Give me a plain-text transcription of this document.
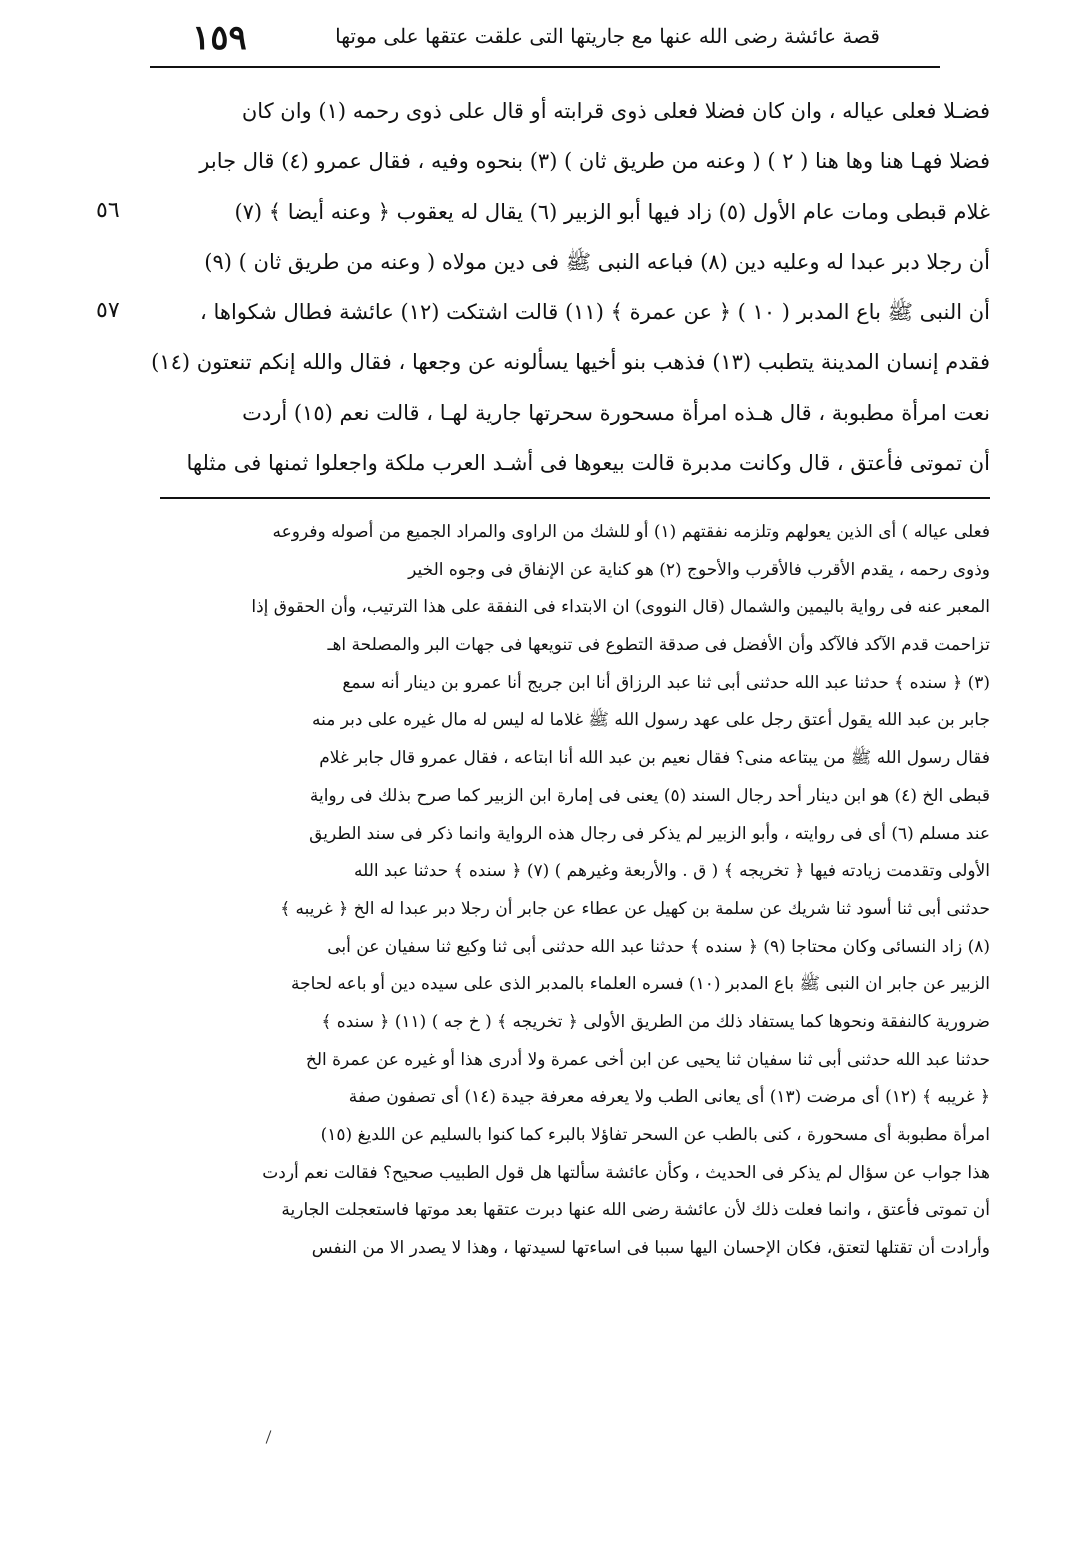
١٥٩	قصة عائشة رضى الله عنها مع جاريتها التى علقت عتقها على موتها
فضـلا فعلى عياله ، وان كان فضلا فعلى ذوى قرابته أو قال على ذوى رحمه (١) وان كان
فضلا فهـا هنا وها هنا ( ٢ ) ( وعنه من طريق ثان ) (٣) بنحوه وفيه ، فقال عمرو (٤) قال جابر
غلام قبطى ومات عام الأول (٥) زاد فيها أبو الزبير (٦) يقال له يعقوب ﴿ وعنه أيضا ﴾ (٧)
أن رجلا دبر عبدا له وعليه دين (٨) فباعه النبى ﷺ فى دين مولاه ( وعنه من طريق ثان ) (٩)
أن النبى ﷺ باع المدبر ( ١٠ ) ﴿ عن عمرة ﴾ (١١) قالت اشتكت (١٢) عائشة فطال شكواها ،
فقدم إنسان المدينة يتطبب (١٣) فذهب بنو أخيها يسألونه عن وجعها ، فقال والله إنكم تنعتون (١٤)
نعت امرأة مطبوبة ، قال هـذه امرأة مسحورة سحرتها جارية لهـا ، قالت نعم (١٥) أردت
أن تموتى فأعتق ، قال وكانت مدبرة قالت بيعوها فى أشـد العرب ملكة واجعلوا ثمنها فى مثلها
٥٦
٥٧
فعلى عياله ) أى الذين يعولهم وتلزمه نفقتهم (١) أو للشك من الراوى والمراد الجميع من أصوله وفروعه
وذوى رحمه ، يقدم الأقرب فالأقرب والأحوج (٢) هو كناية عن الإنفاق فى وجوه الخير
المعبر عنه فى رواية باليمين والشمال (قال النووى) ان الابتداء فى النفقة على هذا الترتيب، وأن الحقوق إذا
تزاحمت قدم الآكد فالآكد وأن الأفضل فى صدقة التطوع فى تنويعها فى جهات البر والمصلحة اهـ
(٣) ﴿ سنده ﴾ حدثنا عبد الله حدثنى أبى ثنا عبد الرزاق أنا ابن جريج أنا عمرو بن دينار أنه سمع
جابر بن عبد الله يقول أعتق رجل على عهد رسول الله ﷺ غلاما له ليس له مال غيره على دبر منه
فقال رسول الله ﷺ من يبتاعه منى؟ فقال نعيم بن عبد الله أنا ابتاعه ، فقال عمرو قال جابر غلام
قبطى الخ (٤) هو ابن دينار أحد رجال السند (٥) يعنى فى إمارة ابن الزبير كما صرح بذلك فى رواية
عند مسلم (٦) أى فى روايته ، وأبو الزبير لم يذكر فى رجال هذه الرواية وانما ذكر فى سند الطريق
الأولى وتقدمت زيادته فيها ﴿ تخريجه ﴾ ( ق . والأربعة وغيرهم ) (٧) ﴿ سنده ﴾ حدثنا عبد الله
حدثنى أبى ثنا أسود ثنا شريك عن سلمة بن كهيل عن عطاء عن جابر أن رجلا دبر عبدا له الخ ﴿ غريبه ﴾
(٨) زاد النسائى وكان محتاجا (٩) ﴿ سنده ﴾ حدثنا عبد الله حدثنى أبى ثنا وكيع ثنا سفيان عن أبى
الزبير عن جابر ان النبى ﷺ باع المدبر (١٠) فسره العلماء بالمدبر الذى على سيده دين أو باعه لحاجة
ضرورية كالنفقة ونحوها كما يستفاد ذلك من الطريق الأولى ﴿ تخريجه ﴾ ( خ جه ) (١١) ﴿ سنده ﴾
حدثنا عبد الله حدثنى أبى ثنا سفيان ثنا يحيى عن ابن أخى عمرة ولا أدرى هذا أو غيره عن عمرة الخ
﴿ غريبه ﴾ (١٢) أى مرضت (١٣) أى يعانى الطب ولا يعرفه معرفة جيدة (١٤) أى تصفون صفة
امرأة مطبوبة أى مسحورة ، كنى بالطب عن السحر تفاؤلا بالبرء كما كنوا بالسليم عن اللديغ (١٥)
هذا جواب عن سؤال لم يذكر فى الحديث ، وكأن عائشة سألتها هل قول الطبيب صحيح؟ فقالت نعم أردت
أن تموتى فأعتق ، وانما فعلت ذلك لأن عائشة رضى الله عنها دبرت عتقها بعد موتها فاستعجلت الجارية
وأرادت أن تقتلها لتعتق، فكان الإحسان اليها سببا فى اساءتها لسيدتها ، وهذا لا يصدر الا من النفس
